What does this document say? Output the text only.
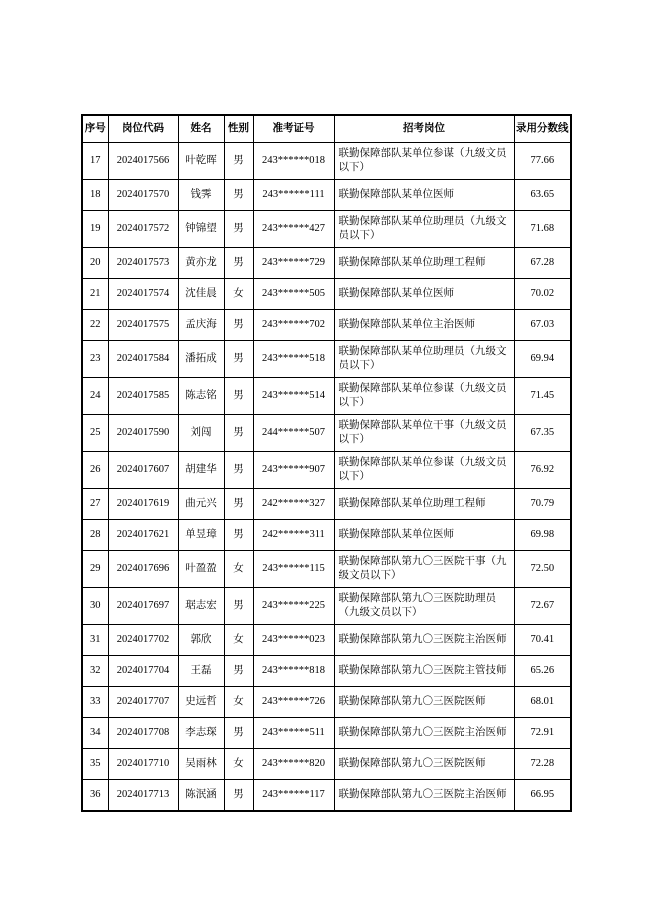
序号	岗位代码	姓名	性别	准考证号	招考岗位	录用分数线
17	2024017566	叶乾晖	男	243******018	联勤保障部队某单位参谋（九级文员以下）	77.66
18	2024017570	钱霁	男	243******111	联勤保障部队某单位医师	63.65
19	2024017572	钟锦望	男	243******427	联勤保障部队某单位助理员（九级文员以下）	71.68
20	2024017573	黄亦龙	男	243******729	联勤保障部队某单位助理工程师	67.28
21	2024017574	沈佳晨	女	243******505	联勤保障部队某单位医师	70.02
22	2024017575	孟庆海	男	243******702	联勤保障部队某单位主治医师	67.03
23	2024017584	潘拓成	男	243******518	联勤保障部队某单位助理员（九级文员以下）	69.94
24	2024017585	陈志铭	男	243******514	联勤保障部队某单位参谋（九级文员以下）	71.45
25	2024017590	刘闯	男	244******507	联勤保障部队某单位干事（九级文员以下）	67.35
26	2024017607	胡建华	男	243******907	联勤保障部队某单位参谋（九级文员以下）	76.92
27	2024017619	曲元兴	男	242******327	联勤保障部队某单位助理工程师	70.79
28	2024017621	单昱璋	男	242******311	联勤保障部队某单位医师	69.98
29	2024017696	叶盈盈	女	243******115	联勤保障部队第九〇三医院干事（九级文员以下）	72.50
30	2024017697	琚志宏	男	243******225	联勤保障部队第九〇三医院助理员（九级文员以下）	72.67
31	2024017702	郭欣	女	243******023	联勤保障部队第九〇三医院主治医师	70.41
32	2024017704	王磊	男	243******818	联勤保障部队第九〇三医院主管技师	65.26
33	2024017707	史远哲	女	243******726	联勤保障部队第九〇三医院医师	68.01
34	2024017708	李志琛	男	243******511	联勤保障部队第九〇三医院主治医师	72.91
35	2024017710	吴雨林	女	243******820	联勤保障部队第九〇三医院医师	72.28
36	2024017713	陈泯涵	男	243******117	联勤保障部队第九〇三医院主治医师	66.95
